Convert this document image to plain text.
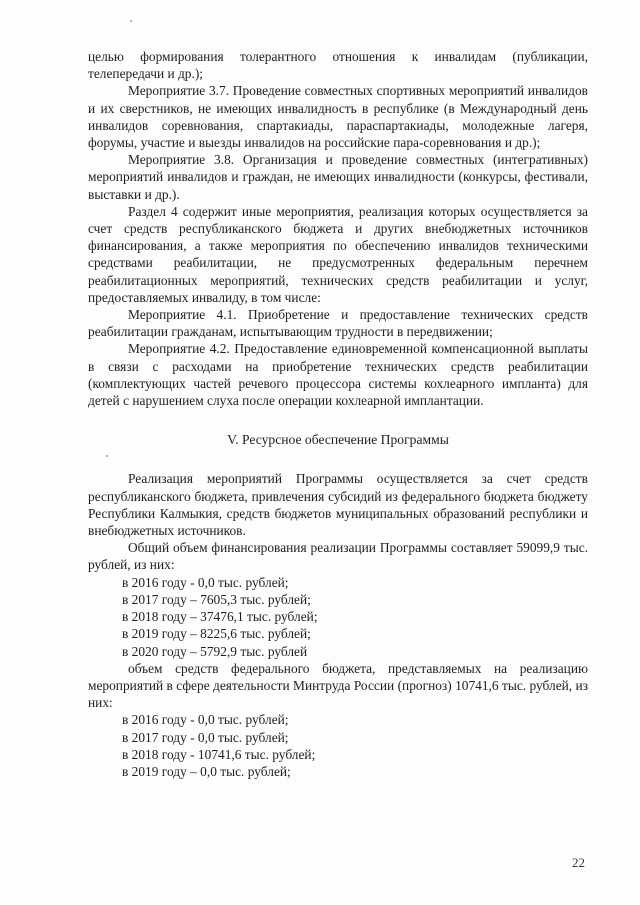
целью формирования толерантного отношения к инвалидам (публикации, телепередачи и др.);

Мероприятие 3.7. Проведение совместных спортивных мероприятий инвалидов и их сверстников, не имеющих инвалидность в республике (в Международный день инвалидов соревнования, спартакиады, параспартакиады, молодежные лагеря, форумы, участие и выезды инвалидов на российские пара-соревнования и др.);

Мероприятие 3.8. Организация и проведение совместных (интегративных) мероприятий инвалидов и граждан, не имеющих инвалидности (конкурсы, фестивали, выставки и др.).

Раздел 4 содержит иные мероприятия, реализация которых осуществляется за счет средств республиканского бюджета и других внебюджетных источников финансирования, а также мероприятия по обеспечению инвалидов техническими средствами реабилитации, не предусмотренных федеральным перечнем реабилитационных мероприятий, технических средств реабилитации и услуг, предоставляемых инвалиду, в том числе:

Мероприятие 4.1. Приобретение и предоставление технических средств реабилитации гражданам, испытывающим трудности в передвижении;

Мероприятие 4.2. Предоставление единовременной компенсационной выплаты в связи с расходами на приобретение технических средств реабилитации (комплектующих частей речевого процессора системы кохлеарного импланта) для детей с нарушением слуха после операции кохлеарной имплантации.

V. Ресурсное обеспечение Программы

Реализация мероприятий Программы осуществляется за счет средств республиканского бюджета, привлечения субсидий из федерального бюджета бюджету Республики Калмыкия, средств бюджетов муниципальных образований республики и внебюджетных источников.

Общий объем финансирования реализации Программы составляет 59099,9 тыс. рублей, из них:

в 2016 году - 0,0 тыс. рублей;

в 2017 году – 7605,3 тыс. рублей;

в 2018 году – 37476,1 тыс. рублей;

в 2019 году – 8225,6 тыс. рублей;

в 2020 году – 5792,9 тыс. рублей

объем средств федерального бюджета, представляемых на реализацию мероприятий в сфере деятельности Минтруда России (прогноз) 10741,6 тыс. рублей, из них:

в 2016 году - 0,0 тыс. рублей;

в 2017 году - 0,0 тыс. рублей;

в 2018 году - 10741,6 тыс. рублей;

в 2019 году – 0,0 тыс. рублей;

22
